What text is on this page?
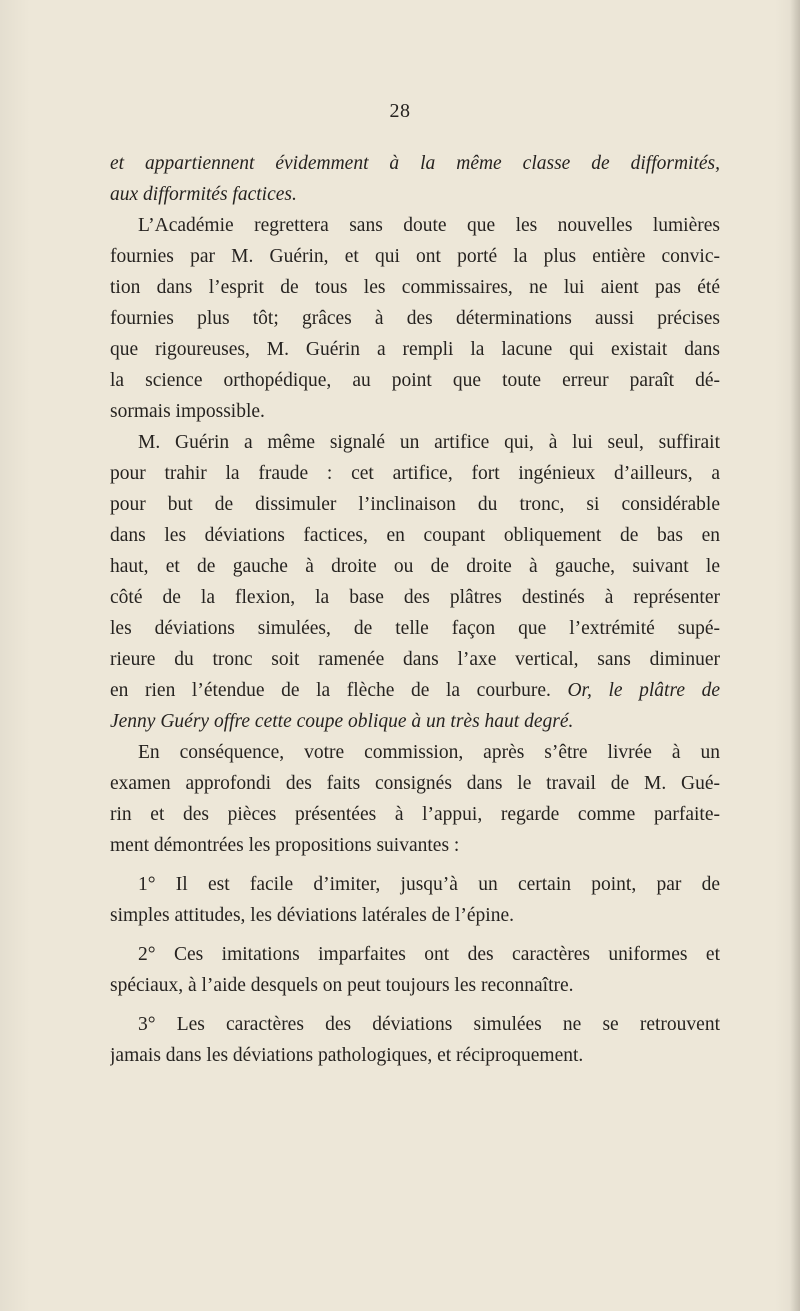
28
et appartiennent évidemment à la même classe de difformités,
aux difformités factices.
L’Académie regrettera sans doute que les nouvelles lumières
fournies par M. Guérin, et qui ont porté la plus entière convic-
tion dans l’esprit de tous les commissaires, ne lui aient pas été
fournies plus tôt; grâces à des déterminations aussi précises
que rigoureuses, M. Guérin a rempli la lacune qui existait dans
la science orthopédique, au point que toute erreur paraît dé-
sormais impossible.
M. Guérin a même signalé un artifice qui, à lui seul, suffirait
pour trahir la fraude : cet artifice, fort ingénieux d’ailleurs, a
pour but de dissimuler l’inclinaison du tronc, si considérable
dans les déviations factices, en coupant obliquement de bas en
haut, et de gauche à droite ou de droite à gauche, suivant le
côté de la flexion, la base des plâtres destinés à représenter
les déviations simulées, de telle façon que l’extrémité supé-
rieure du tronc soit ramenée dans l’axe vertical, sans diminuer
en rien l’étendue de la flèche de la courbure. Or, le plâtre de
Jenny Guéry offre cette coupe oblique à un très haut degré.
En conséquence, votre commission, après s’être livrée à un
examen approfondi des faits consignés dans le travail de M. Gué-
rin et des pièces présentées à l’appui, regarde comme parfaite-
ment démontrées les propositions suivantes :
1° Il est facile d’imiter, jusqu’à un certain point, par de
simples attitudes, les déviations latérales de l’épine.
2° Ces imitations imparfaites ont des caractères uniformes et
spéciaux, à l’aide desquels on peut toujours les reconnaître.
3° Les caractères des déviations simulées ne se retrouvent
jamais dans les déviations pathologiques, et réciproquement.
